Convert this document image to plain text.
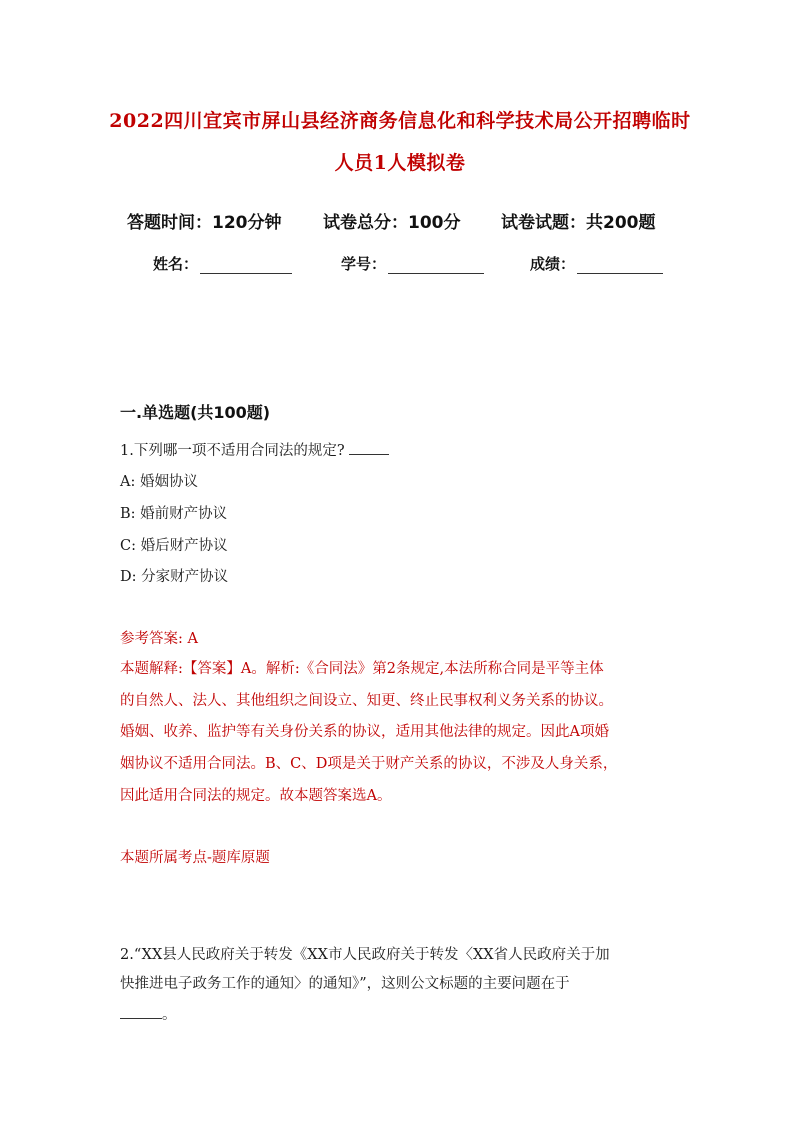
2022四川宜宾市屏山县经济商务信息化和科学技术局公开招聘临时
人员1人模拟卷
答题时间：120分钟 试卷总分：100分 试卷试题：共200题
姓名：	学号：	成绩：
一.单选题(共100题)
1.下列哪一项不适用合同法的规定?
A: 婚姻协议
B: 婚前财产协议
C: 婚后财产协议
D: 分家财产协议
参考答案: A
本题解释:【答案】A。解析:《合同法》第2条规定,本法所称合同是平等主体
的自然人、法人、其他组织之间设立、知更、终止民事权利义务关系的协议。
婚姻、收养、监护等有关身份关系的协议，适用其他法律的规定。因此A项婚
姻协议不适用合同法。B、C、D项是关于财产关系的协议，不涉及人身关系，
因此适用合同法的规定。故本题答案选A。
本题所属考点-题库原题
2.“XX县人民政府关于转发《XX市人民政府关于转发〈XX省人民政府关于加
快推进电子政务工作的通知〉的通知》”，这则公文标题的主要问题在于
。
